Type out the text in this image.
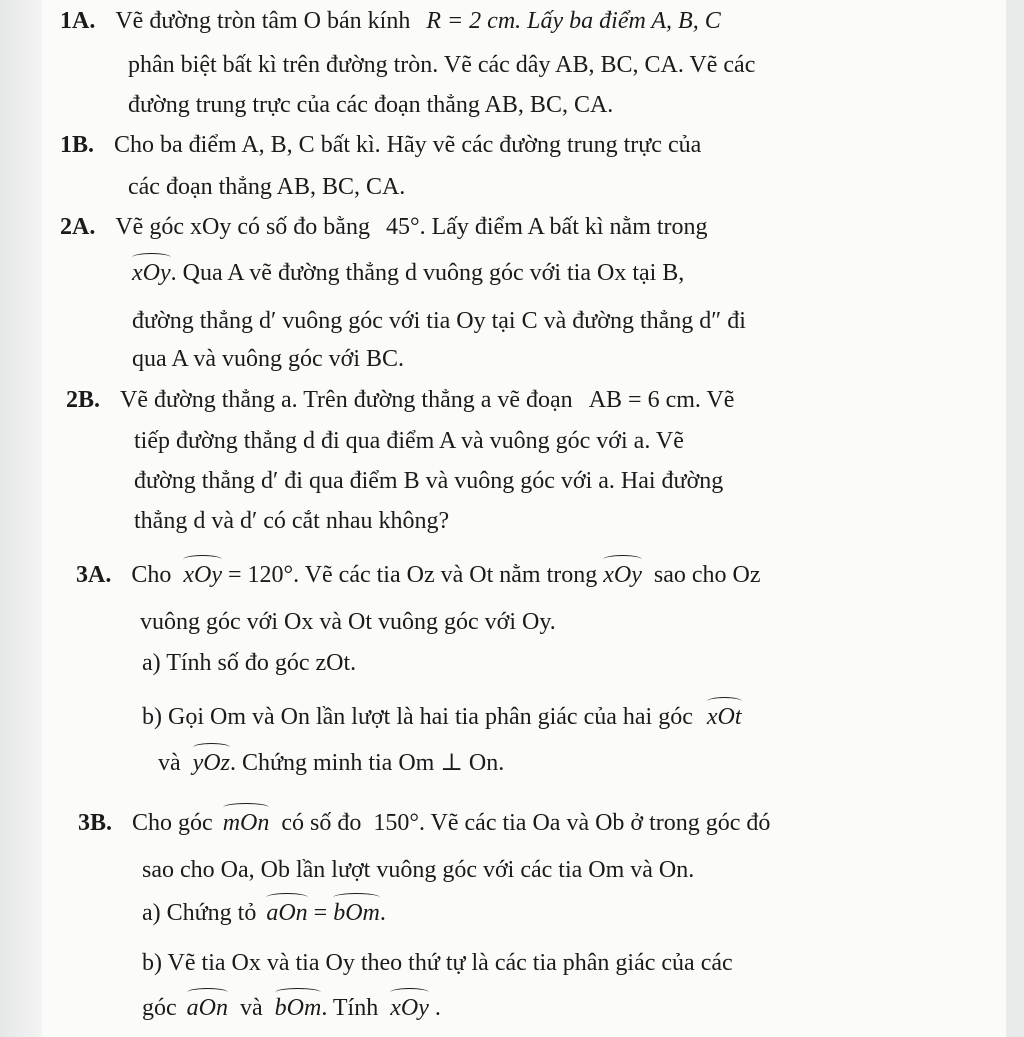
1A. Vẽ đường tròn tâm O bán kính R = 2 cm. Lấy ba điểm A, B, C
phân biệt bất kì trên đường tròn. Vẽ các dây AB, BC, CA. Vẽ các
đường trung trực của các đoạn thẳng AB, BC, CA.
1B. Cho ba điểm A, B, C bất kì. Hãy vẽ các đường trung trực của
các đoạn thẳng AB, BC, CA.
2A. Vẽ góc xOy có số đo bằng 45°. Lấy điểm A bất kì nằm trong
xOy. Qua A vẽ đường thẳng d vuông góc với tia Ox tại B,
đường thẳng d′ vuông góc với tia Oy tại C và đường thẳng d″ đi
qua A và vuông góc với BC.
2B. Vẽ đường thẳng a. Trên đường thẳng a vẽ đoạn AB = 6 cm. Vẽ
tiếp đường thẳng d đi qua điểm A và vuông góc với a. Vẽ
đường thẳng d′ đi qua điểm B và vuông góc với a. Hai đường
thẳng d và d′ có cắt nhau không?
3A. Cho xOy = 120°. Vẽ các tia Oz và Ot nằm trong xOy sao cho Oz
vuông góc với Ox và Ot vuông góc với Oy.
a) Tính số đo góc zOt.
b) Gọi Om và On lần lượt là hai tia phân giác của hai góc xOt
và yOz. Chứng minh tia Om ⊥ On.
3B. Cho góc mOn có số đo 150°. Vẽ các tia Oa và Ob ở trong góc đó
sao cho Oa, Ob lần lượt vuông góc với các tia Om và On.
a) Chứng tỏ aOn = bOm.
b) Vẽ tia Ox và tia Oy theo thứ tự là các tia phân giác của các
góc aOn và bOm. Tính xOy .
